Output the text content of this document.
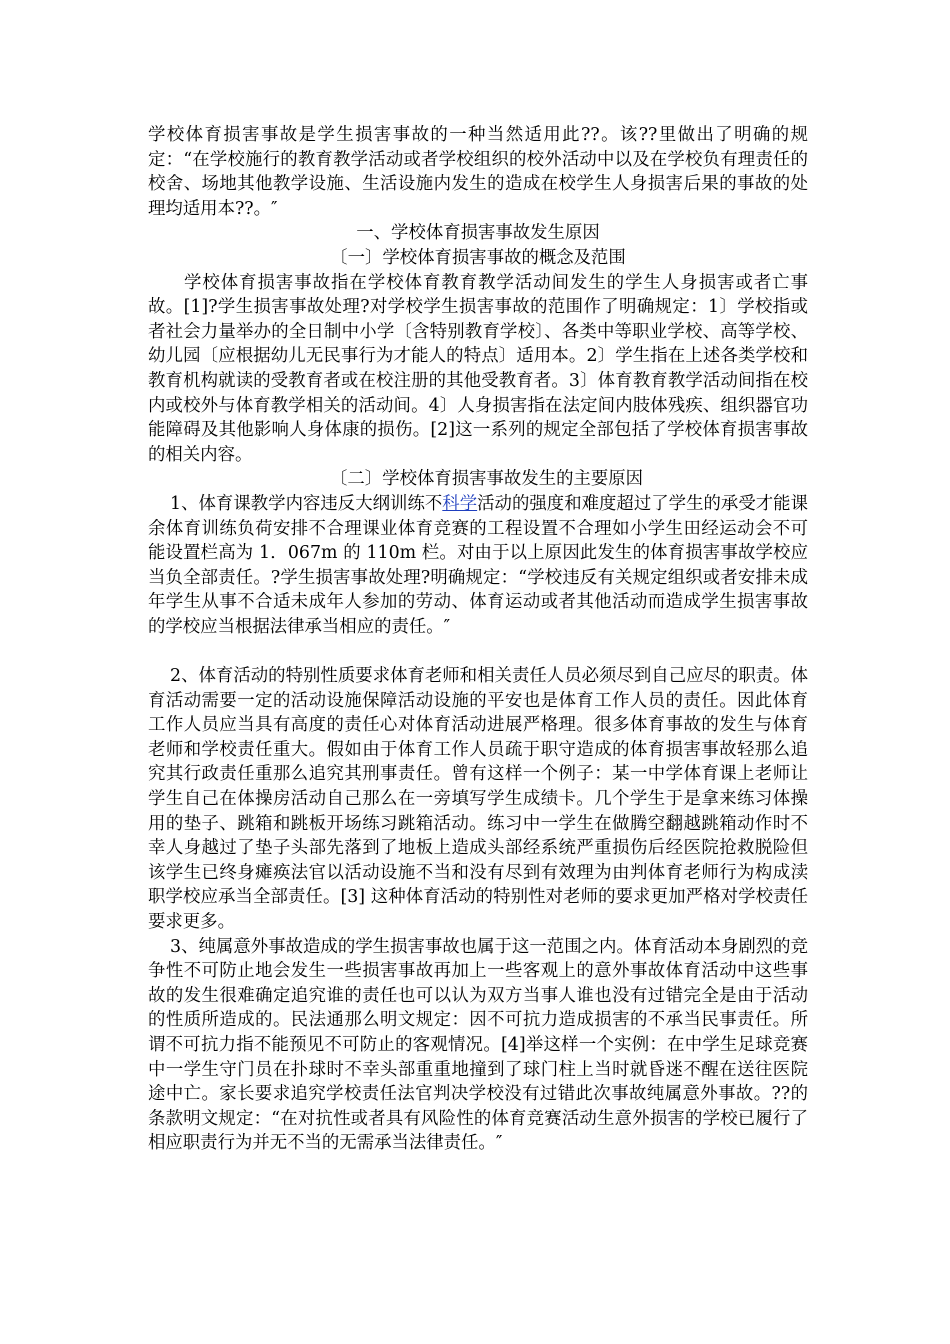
学校体育损害事故是学生损害事故的一种当然适用此??。该??里做出了明确的规定：“在学校施行的教育教学活动或者学校组织的校外活动中以及在学校负有理责任的校舍、场地其他教学设施、生活设施内发生的造成在校学生人身损害后果的事故的处理均适用本??。″

一、学校体育损害事故发生原因

〔一〕学校体育损害事故的概念及范围

学校体育损害事故指在学校体育教育教学活动间发生的学生人身损害或者亡事故。[1]?学生损害事故处理?对学校学生损害事故的范围作了明确规定：1〕学校指或者社会力量举办的全日制中小学〔含特别教育学校〕、各类中等职业学校、高等学校、幼儿园〔应根据幼儿无民事行为才能人的特点〕适用本。2〕学生指在上述各类学校和教育机构就读的受教育者或在校注册的其他受教育者。3〕体育教育教学活动间指在校内或校外与体育教学相关的活动间。4〕人身损害指在法定间内肢体残疾、组织器官功能障碍及其他影响人身体康的损伤。[2]这一系列的规定全部包括了学校体育损害事故的相关内容。

〔二〕学校体育损害事故发生的主要原因

1、体育课教学内容违反大纲训练不科学活动的强度和难度超过了学生的承受才能课余体育训练负荷安排不合理课业体育竞赛的工程设置不合理如小学生田经运动会不可能设置栏高为 1．067m 的 110m 栏。对由于以上原因此发生的体育损害事故学校应当负全部责任。?学生损害事故处理?明确规定：“学校违反有关规定组织或者安排未成年学生从事不合适未成年人参加的劳动、体育运动或者其他活动而造成学生损害事故的学校应当根据法律承当相应的责任。″

2、体育活动的特别性质要求体育老师和相关责任人员必须尽到自己应尽的职责。体育活动需要一定的活动设施保障活动设施的平安也是体育工作人员的责任。因此体育工作人员应当具有高度的责任心对体育活动进展严格理。很多体育事故的发生与体育老师和学校责任重大。假如由于体育工作人员疏于职守造成的体育损害事故轻那么追究其行政责任重那么追究其刑事责任。曾有这样一个例子：某一中学体育课上老师让学生自己在体操房活动自己那么在一旁填写学生成绩卡。几个学生于是拿来练习体操用的垫子、跳箱和跳板开场练习跳箱活动。练习中一学生在做腾空翻越跳箱动作时不幸人身越过了垫子头部先落到了地板上造成头部经系统严重损伤后经医院抢救脱险但该学生已终身瘫痪法官以活动设施不当和没有尽到有效理为由判体育老师行为构成渎职学校应承当全部责任。[3] 这种体育活动的特别性对老师的要求更加严格对学校责任要求更多。

3、纯属意外事故造成的学生损害事故也属于这一范围之内。体育活动本身剧烈的竞争性不可防止地会发生一些损害事故再加上一些客观上的意外事故体育活动中这些事故的发生很难确定追究谁的责任也可以认为双方当事人谁也没有过错完全是由于活动的性质所造成的。民法通那么明文规定：因不可抗力造成损害的不承当民事责任。所谓不可抗力指不能预见不可防止的客观情况。[4]举这样一个实例：在中学生足球竞赛中一学生守门员在扑球时不幸头部重重地撞到了球门柱上当时就昏迷不醒在送往医院途中亡。家长要求追究学校责任法官判决学校没有过错此次事故纯属意外事故。??的条款明文规定：“在对抗性或者具有风险性的体育竞赛活动生意外损害的学校已履行了相应职责行为并无不当的无需承当法律责任。″
